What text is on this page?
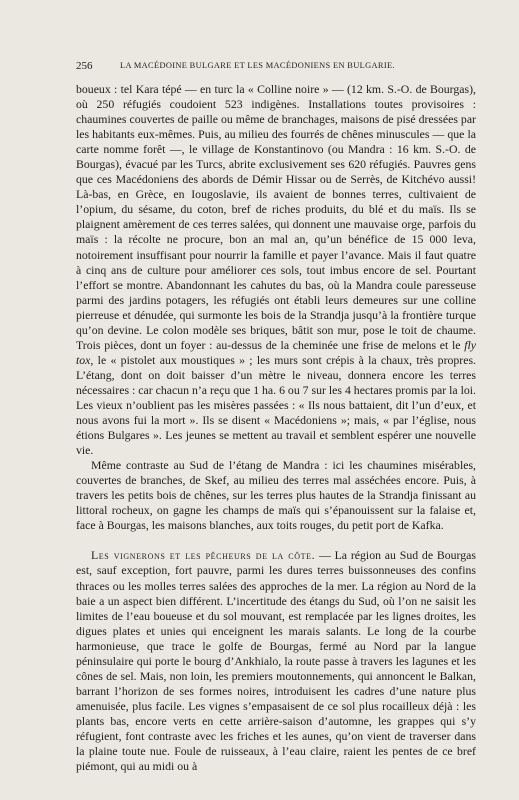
256	LA MACÉDOINE BULGARE ET LES MACÉDONIENS EN BULGARIE.

boueux : tel Kara tépé — en turc la « Colline noire » — (12 km. S.-O. de Bourgas), où 250 réfugiés coudoient 523 indigènes. Installations toutes provisoires : chaumines couvertes de paille ou même de branchages, maisons de pisé dressées par les habitants eux-mêmes. Puis, au milieu des fourrés de chênes minuscules — que la carte nomme forêt —, le village de Konstantinovo (ou Mandra : 16 km. S.-O. de Bourgas), évacué par les Turcs, abrite exclusivement ses 620 réfugiés. Pauvres gens que ces Macédoniens des abords de Démir Hissar ou de Serrès, de Kitchévo aussi! Là-bas, en Grèce, en Iougoslavie, ils avaient de bonnes terres, cultivaient de l’opium, du sésame, du coton, bref de riches produits, du blé et du maïs. Ils se plaignent amèrement de ces terres salées, qui donnent une mauvaise orge, parfois du maïs : la récolte ne procure, bon an mal an, qu’un bénéfice de 15 000 leva, notoirement insuffisant pour nourrir la famille et payer l’avance. Mais il faut quatre à cinq ans de culture pour améliorer ces sols, tout imbus encore de sel. Pourtant l’effort se montre. Abandonnant les cahutes du bas, où la Mandra coule paresseuse parmi des jardins potagers, les réfugiés ont établi leurs demeures sur une colline pierreuse et dénudée, qui surmonte les bois de la Strandja jusqu’à la frontière turque qu’on devine. Le colon modèle ses briques, bâtit son mur, pose le toit de chaume. Trois pièces, dont un foyer : au-dessus de la cheminée une frise de melons et le fly tox, le « pistolet aux moustiques » ; les murs sont crépis à la chaux, très propres. L’étang, dont on doit baisser d’un mètre le niveau, donnera encore les terres nécessaires : car chacun n’a reçu que 1 ha. 6 ou 7 sur les 4 hectares promis par la loi. Les vieux n’oublient pas les misères passées : « Ils nous battaient, dit l’un d’eux, et nous avons fui la mort ». Ils se disent « Macédoniens »; mais, « par l’église, nous étions Bulgares ». Les jeunes se mettent au travail et semblent espérer une nouvelle vie.

Même contraste au Sud de l’étang de Mandra : ici les chaumines misérables, couvertes de branches, de Skef, au milieu des terres mal asséchées encore. Puis, à travers les petits bois de chênes, sur les terres plus hautes de la Strandja finissant au littoral rocheux, on gagne les champs de maïs qui s’épanouissent sur la falaise et, face à Bourgas, les maisons blanches, aux toits rouges, du petit port de Kafka.

Les vignerons et les pêcheurs de la côte. — La région au Sud de Bourgas est, sauf exception, fort pauvre, parmi les dures terres buissonneuses des confins thraces ou les molles terres salées des approches de la mer. La région au Nord de la baie a un aspect bien différent. L’incertitude des étangs du Sud, où l’on ne saisit les limites de l’eau boueuse et du sol mouvant, est remplacée par les lignes droites, les digues plates et unies qui enceignent les marais salants. Le long de la courbe harmonieuse, que trace le golfe de Bourgas, fermé au Nord par la langue péninsulaire qui porte le bourg d’Ankhialo, la route passe à travers les lagunes et les cônes de sel. Mais, non loin, les premiers moutonnements, qui annoncent le Balkan, barrant l’horizon de ses formes noires, introduisent les cadres d’une nature plus amenuisée, plus facile. Les vignes s’empasaisent de ce sol plus rocailleux déjà : les plants bas, encore verts en cette arrière-saison d’automne, les grappes qui s’y réfugient, font contraste avec les friches et les aunes, qu’on vient de traverser dans la plaine toute nue. Foule de ruisseaux, à l’eau claire, raient les pentes de ce bref piémont, qui au midi ou à
